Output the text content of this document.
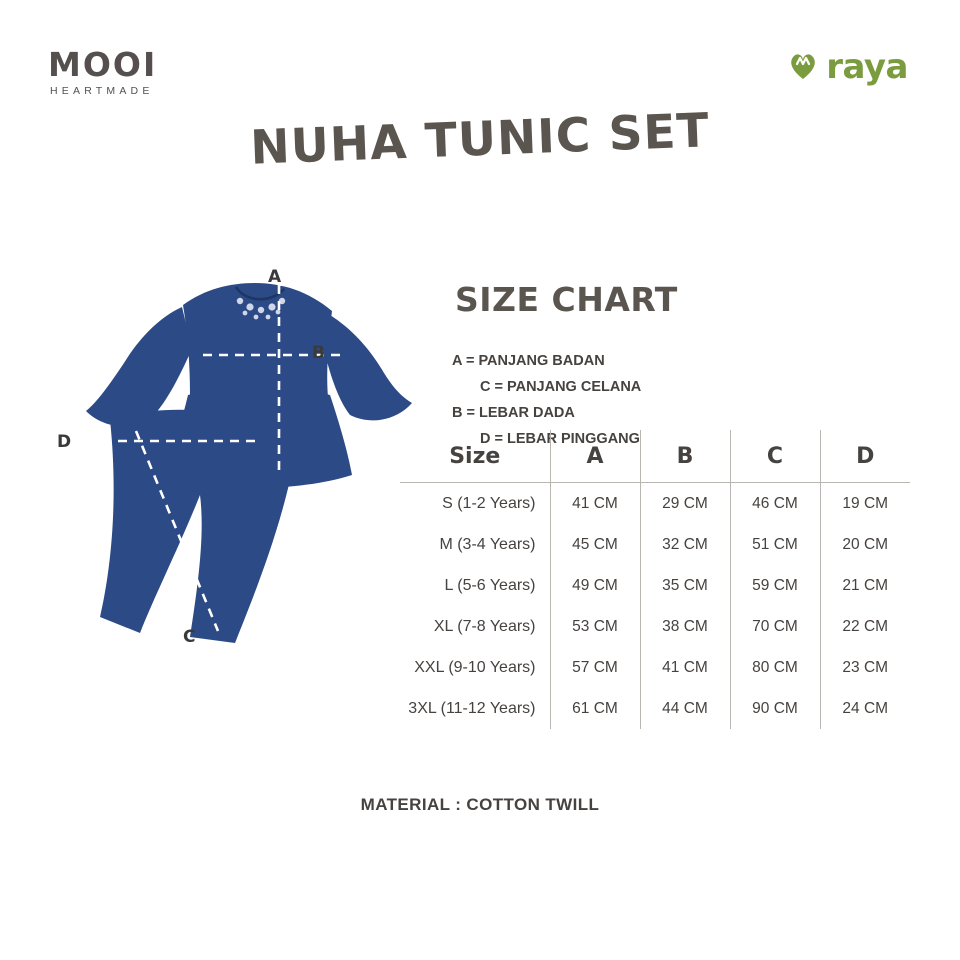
MOOI
HEARTMADE
raya
NUHA TUNIC SET
A
B
C
D
SIZE CHART
A = PANJANG BADAN
C = PANJANG CELANA
B = LEBAR DADA
D = LEBAR PINGGANG
Size	A	B	C	D
S (1-2 Years)	41 CM	29 CM	46 CM	19 CM
M (3-4 Years)	45 CM	32 CM	51 CM	20 CM
L (5-6 Years)	49 CM	35 CM	59 CM	21 CM
XL (7-8 Years)	53 CM	38 CM	70 CM	22 CM
XXL (9-10 Years)	57 CM	41 CM	80 CM	23 CM
3XL (11-12 Years)	61 CM	44 CM	90 CM	24 CM
MATERIAL : COTTON TWILL
